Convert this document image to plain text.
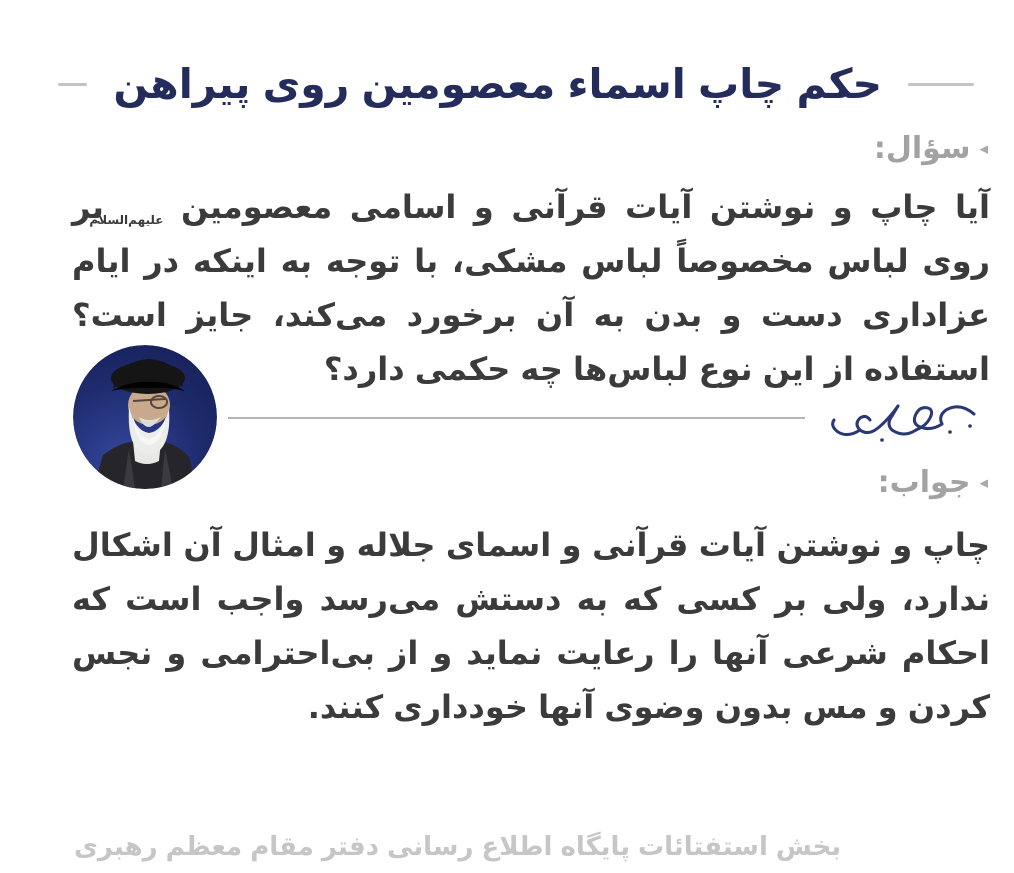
حکم چاپ اسماء معصومین روی پیراهن
◂
سؤال:

آیا چاپ و نوشتن آیات قرآنی و اسامی معصومین علیهم‌السلام بر روی لباس مخصوصاً لباس مشکی، با توجه به اینکه در ایام عزاداری دست و بدن به آن برخورد می‌کند، جایز است؟ استفاده از این نوع لباس‌ها چه حکمی دارد؟

◂
جواب:

چاپ و نوشتن آیات قرآنی و اسمای جلاله و امثال آن اشکال ندارد، ولی بر کسی که به دستش می‌رسد واجب است که احکام شرعی آنها را رعایت نماید و از بی‌احترامی و نجس کردن و مس بدون وضوی آنها خودداری کنند.

بخش استفتائات پایگاه اطلاع رسانی دفتر مقام معظم رهبری
